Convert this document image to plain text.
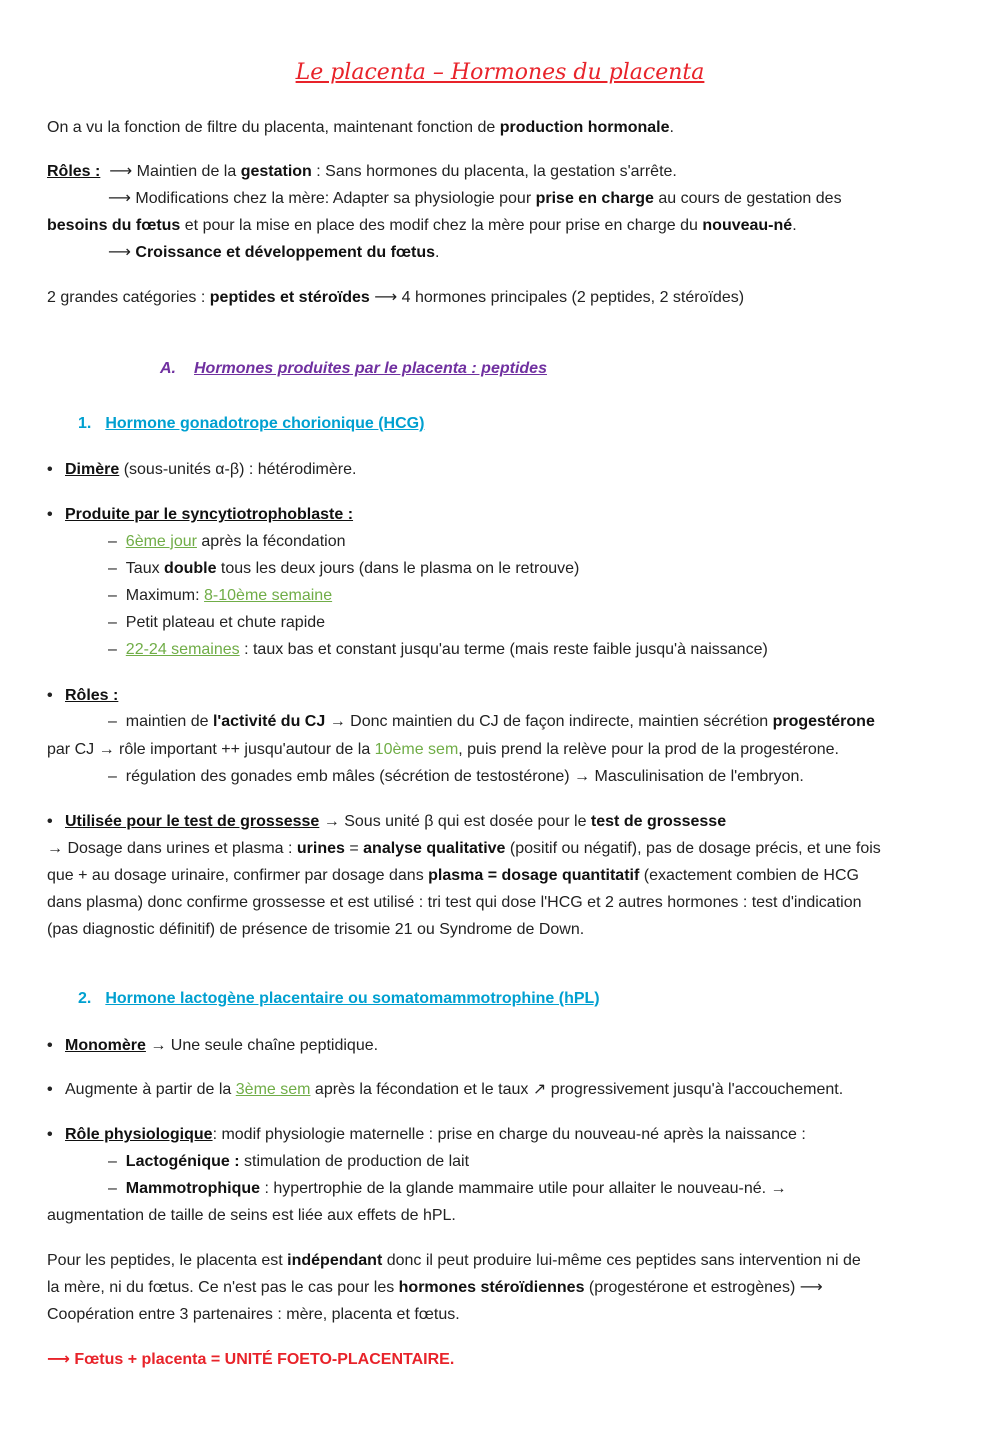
Le placenta – Hormones du placenta
On a vu la fonction de filtre du placenta, maintenant fonction de production hormonale.
Rôles : ⟶ Maintien de la gestation : Sans hormones du placenta, la gestation s'arrête.
⟶ Modifications chez la mère: Adapter sa physiologie pour prise en charge au cours de gestation des
besoins du fœtus et pour la mise en place des modif chez la mère pour prise en charge du nouveau-né.
⟶ Croissance et développement du fœtus.
2 grandes catégories : peptides et stéroïdes ⟶ 4 hormones principales (2 peptides, 2 stéroïdes)
A. Hormones produites par le placenta : peptides
1. Hormone gonadotrope chorionique (HCG)
• Dimère (sous-unités α-β) : hétérodimère.
• Produite par le syncytiotrophoblaste :
–  6ème jour après la fécondation
–  Taux double tous les deux jours (dans le plasma on le retrouve)
–  Maximum: 8-10ème semaine
–  Petit plateau et chute rapide
–  22-24 semaines : taux bas et constant jusqu'au terme (mais reste faible jusqu'à naissance)
• Rôles :
–  maintien de l'activité du CJ → Donc maintien du CJ de façon indirecte, maintien sécrétion progestérone
par CJ → rôle important ++ jusqu'autour de la 10ème sem, puis prend la relève pour la prod de la progestérone.
–  régulation des gonades emb mâles (sécrétion de testostérone) → Masculinisation de l'embryon.
• Utilisée pour le test de grossesse → Sous unité β qui est dosée pour le test de grossesse
→ Dosage dans urines et plasma : urines = analyse qualitative (positif ou négatif), pas de dosage précis, et une fois
que + au dosage urinaire, confirmer par dosage dans plasma = dosage quantitatif (exactement combien de HCG
dans plasma) donc confirme grossesse et est utilisé : tri test qui dose l'HCG et 2 autres hormones : test d'indication
(pas diagnostic définitif) de présence de trisomie 21 ou Syndrome de Down.
2. Hormone lactogène placentaire ou somatomammotrophine (hPL)
• Monomère → Une seule chaîne peptidique.
• Augmente à partir de la 3ème sem après la fécondation et le taux ↗ progressivement jusqu'à l'accouchement.
• Rôle physiologique: modif physiologie maternelle : prise en charge du nouveau-né après la naissance :
–  Lactogénique : stimulation de production de lait
–  Mammotrophique : hypertrophie de la glande mammaire utile pour allaiter le nouveau-né. →
augmentation de taille de seins est liée aux effets de hPL.
Pour les peptides, le placenta est indépendant donc il peut produire lui-même ces peptides sans intervention ni de
la mère, ni du fœtus. Ce n'est pas le cas pour les hormones stéroïdiennes (progestérone et estrogènes) ⟶
Coopération entre 3 partenaires : mère, placenta et fœtus.
⟶ Fœtus + placenta = UNITÉ FOETO-PLACENTAIRE.
